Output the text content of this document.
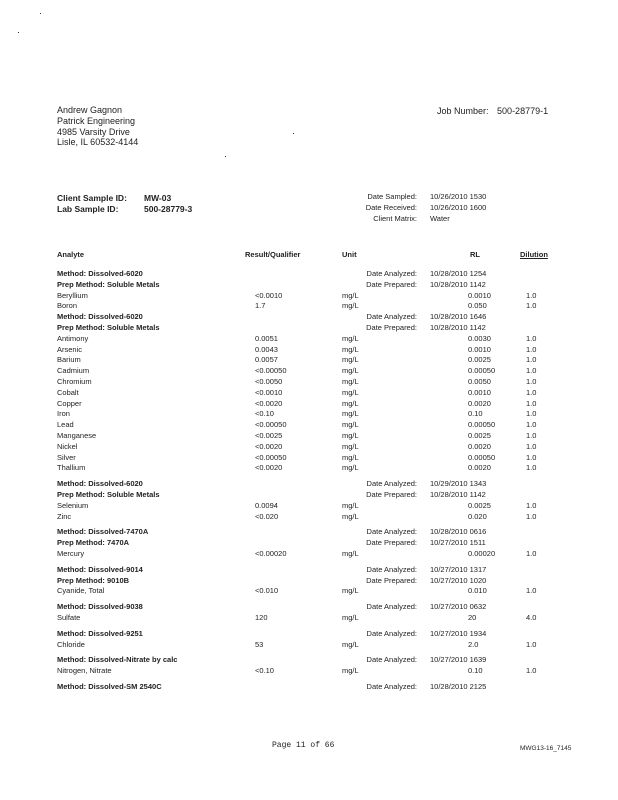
Andrew Gagnon
Patrick Engineering
4985 Varsity Drive
Lisle, IL 60532-4144
Job Number: 500-28779-1
Client Sample ID: MW-03
Lab Sample ID:	500-28779-3
Date Sampled: 10/26/2010 1530
Date Received: 10/26/2010 1600
Client Matrix: Water
Analyte	Result/Qualifier	Unit	RL	Dilution
Method: Dissolved-6020	Date Analyzed: 10/28/2010 1254
Prep Method: Soluble Metals	Date Prepared: 10/28/2010 1142
Beryllium	<0.0010	mg/L	0.0010	1.0
Boron	1.7	mg/L	0.050	1.0
Method: Dissolved-6020	Date Analyzed: 10/28/2010 1646
Prep Method: Soluble Metals	Date Prepared: 10/28/2010 1142
Antimony	0.0051	mg/L	0.0030	1.0
Arsenic	0.0043	mg/L	0.0010	1.0
Barium	0.0057	mg/L	0.0025	1.0
Cadmium	<0.00050	mg/L	0.00050	1.0
Chromium	<0.0050	mg/L	0.0050	1.0
Cobalt	<0.0010	mg/L	0.0010	1.0
Copper	<0.0020	mg/L	0.0020	1.0
Iron	<0.10	mg/L	0.10	1.0
Lead	<0.00050	mg/L	0.00050	1.0
Manganese	<0.0025	mg/L	0.0025	1.0
Nickel	<0.0020	mg/L	0.0020	1.0
Silver	<0.00050	mg/L	0.00050	1.0
Thallium	<0.0020	mg/L	0.0020	1.0
Method: Dissolved-6020	Date Analyzed: 10/29/2010 1343
Prep Method: Soluble Metals	Date Prepared: 10/28/2010 1142
Selenium	0.0094	mg/L	0.0025	1.0
Zinc	<0.020	mg/L	0.020	1.0
Method: Dissolved-7470A	Date Analyzed: 10/28/2010 0616
Prep Method: 7470A	Date Prepared: 10/27/2010 1511
Mercury	<0.00020	mg/L	0.00020	1.0
Method: Dissolved-9014	Date Analyzed: 10/27/2010 1317
Prep Method: 9010B	Date Prepared: 10/27/2010 1020
Cyanide, Total	<0.010	mg/L	0.010	1.0
Method: Dissolved-9038	Date Analyzed: 10/27/2010 0632
Sulfate	120	mg/L	20	4.0
Method: Dissolved-9251	Date Analyzed: 10/27/2010 1934
Chloride	53	mg/L	2.0	1.0
Method: Dissolved-Nitrate by calc	Date Analyzed: 10/27/2010 1639
Nitrogen, Nitrate	<0.10	mg/L	0.10	1.0
Method: Dissolved-SM 2540C	Date Analyzed: 10/28/2010 2125
Page 11 of 66	MWG13-16_7145
